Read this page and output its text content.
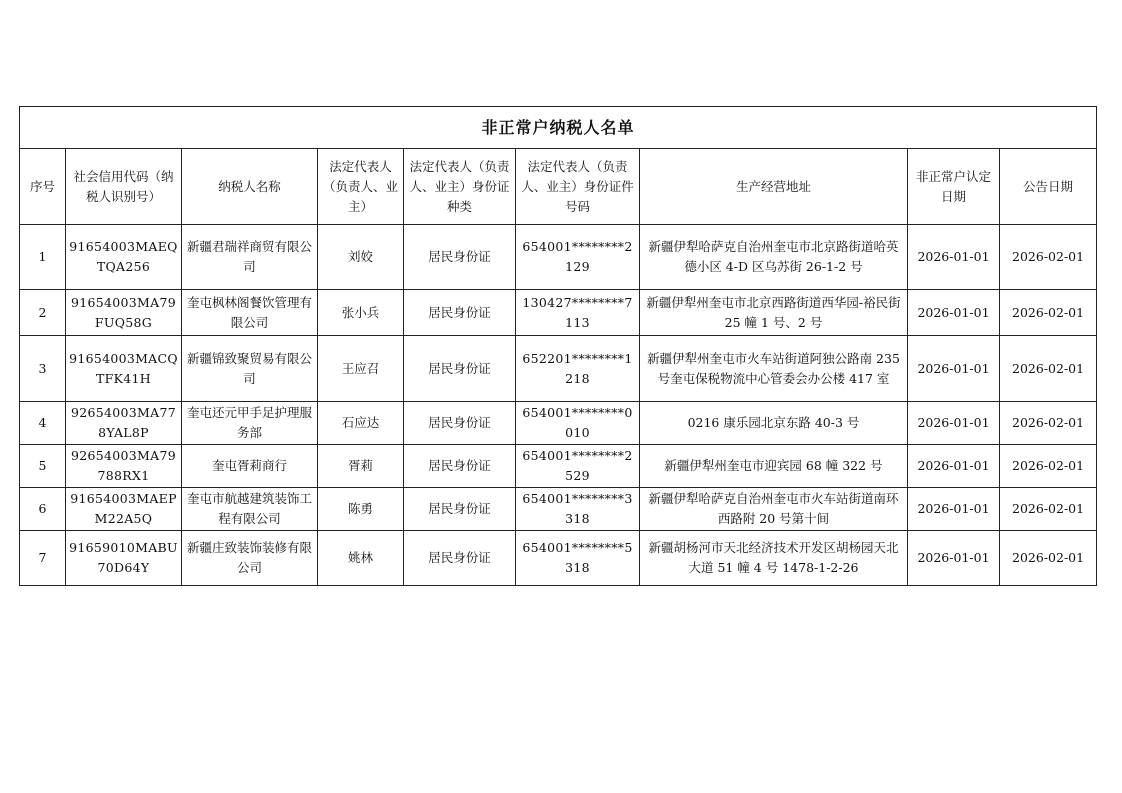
非正常户纳税人名单								
序号	社会信用代码（纳税人识别号）	纳税人名称	法定代表人（负责人、业主）	法定代表人（负责人、业主）身份证种类	法定代表人（负责人、业主）身份证件号码	生产经营地址	非正常户认定日期	公告日期
1	91654003MAEQTQA256	新疆君瑞祥商贸有限公司	刘姣	居民身份证	654001********2129	新疆伊犁哈萨克自治州奎屯市北京路街道哈英德小区 4-D 区乌苏街 26-1-2 号	2026-01-01	2026-02-01
2	91654003MA79FUQ58G	奎屯枫林阁餐饮管理有限公司	张小兵	居民身份证	130427********7113	新疆伊犁州奎屯市北京西路街道西华园-裕民街 25 幢 1 号、2 号	2026-01-01	2026-02-01
3	91654003MACQTFK41H	新疆锦致聚贸易有限公司	王应召	居民身份证	652201********1218	新疆伊犁州奎屯市火车站街道阿独公路南 235 号奎屯保税物流中心管委会办公楼 417 室	2026-01-01	2026-02-01
4	92654003MA778YAL8P	奎屯还元甲手足护理服务部	石应达	居民身份证	654001********0010	0216 康乐园北京东路 40-3 号	2026-01-01	2026-02-01
5	92654003MA79788RX1	奎屯胥莉商行	胥莉	居民身份证	654001********2529	新疆伊犁州奎屯市迎宾园 68 幢 322 号	2026-01-01	2026-02-01
6	91654003MAEPM22A5Q	奎屯市航越建筑装饰工程有限公司	陈勇	居民身份证	654001********3318	新疆伊犁哈萨克自治州奎屯市火车站街道南环西路附 20 号第十间	2026-01-01	2026-02-01
7	91659010MABU70D64Y	新疆庄致装饰装修有限公司	姚林	居民身份证	654001********5318	新疆胡杨河市天北经济技术开发区胡杨园天北大道 51 幢 4 号 1478-1-2-26	2026-01-01	2026-02-01
